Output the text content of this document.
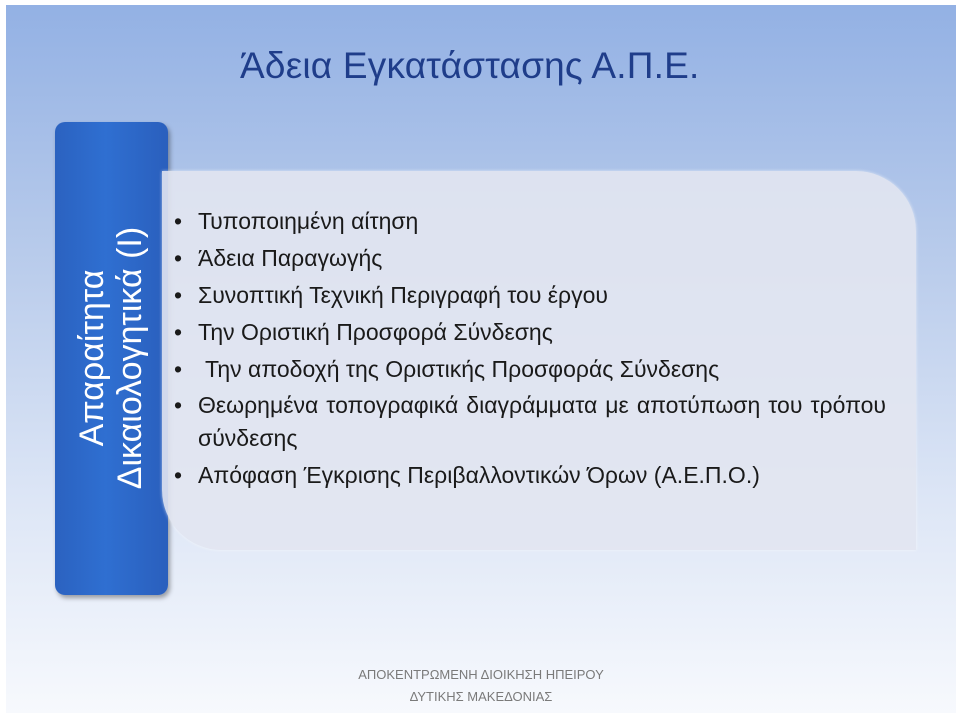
Άδεια Εγκατάστασης Α.Π.Ε.
Απαραίτητα Δικαιολογητικά (Ι)
ΑΠΟΚΕΝΤΡΩΜΕΝΗ ΔΙΟΙΚΗΣΗ ΗΠΕΙΡΟΥ
ΔΥΤΙΚΗΣ ΜΑΚΕΔΟΝΙΑΣ
• Τυποποιημένη αίτηση
• Άδεια Παραγωγής
• Συνοπτική Τεχνική Περιγραφή του έργου
• Την Οριστική Προσφορά Σύνδεσης
• Την αποδοχή της Οριστικής Προσφοράς Σύνδεσης
• Θεωρημένα τοπογραφικά διαγράμματα με αποτύπωση του τρόπου σύνδεσης
• Απόφαση Έγκρισης Περιβαλλοντικών Όρων (Α.Ε.Π.Ο.)
